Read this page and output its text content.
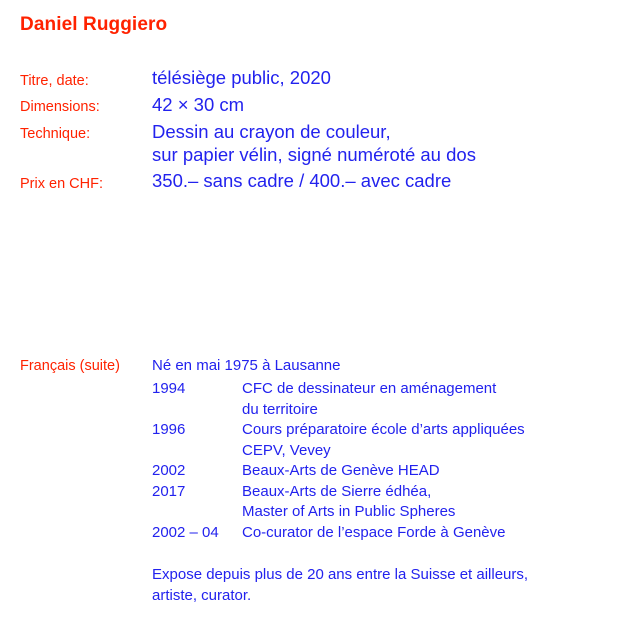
Daniel Ruggiero
Titre, date:	télésiège public, 2020
Dimensions:	42 × 30 cm
Technique:	Dessin au crayon de couleur,
sur papier vélin, signé numéroté au dos
Prix en CHF:	350.– sans cadre / 400.– avec cadre
Français (suite)	Né en mai 1975 à Lausanne
1994	CFC de dessinateur en aménagement
du territoire
1996	Cours préparatoire école d’arts appliquées
CEPV, Vevey
2002	Beaux-Arts de Genève HEAD
2017	Beaux-Arts de Sierre édhéa,
Master of Arts in Public Spheres
2002 – 04	Co-curator de l’espace Forde à Genève
Expose depuis plus de 20 ans entre la Suisse et ailleurs,
artiste, curator.
